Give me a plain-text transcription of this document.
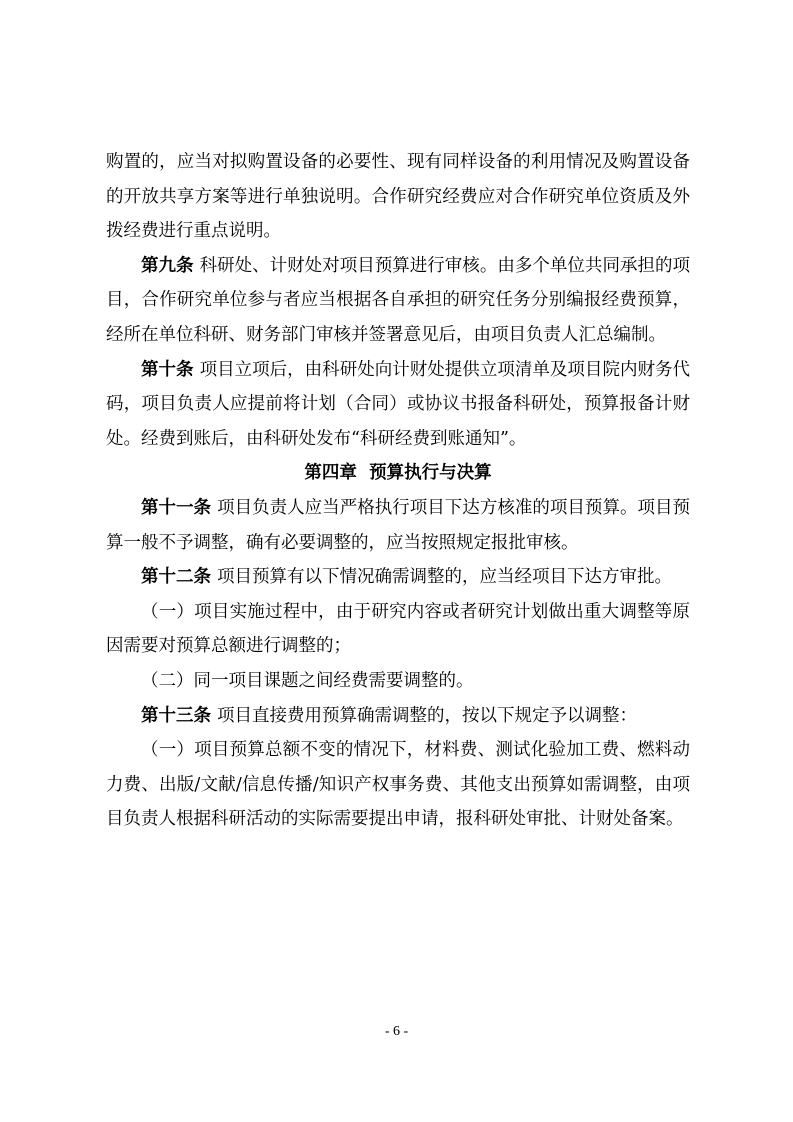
购置的，应当对拟购置设备的必要性、现有同样设备的利用情况及购置设备的开放共享方案等进行单独说明。合作研究经费应对合作研究单位资质及外拨经费进行重点说明。

第九条 科研处、计财处对项目预算进行审核。由多个单位共同承担的项目，合作研究单位参与者应当根据各自承担的研究任务分别编报经费预算，经所在单位科研、财务部门审核并签署意见后，由项目负责人汇总编制。

第十条 项目立项后，由科研处向计财处提供立项清单及项目院内财务代码，项目负责人应提前将计划（合同）或协议书报备科研处，预算报备计财处。经费到账后，由科研处发布“科研经费到账通知”。

第四章  预算执行与决算

第十一条 项目负责人应当严格执行项目下达方核准的项目预算。项目预算一般不予调整，确有必要调整的，应当按照规定报批审核。

第十二条 项目预算有以下情况确需调整的，应当经项目下达方审批。

（一）项目实施过程中，由于研究内容或者研究计划做出重大调整等原因需要对预算总额进行调整的；

（二）同一项目课题之间经费需要调整的。

第十三条 项目直接费用预算确需调整的，按以下规定予以调整：

（一）项目预算总额不变的情况下，材料费、测试化验加工费、燃料动力费、出版/文献/信息传播/知识产权事务费、其他支出预算如需调整，由项目负责人根据科研活动的实际需要提出申请，报科研处审批、计财处备案。

- 6 -
